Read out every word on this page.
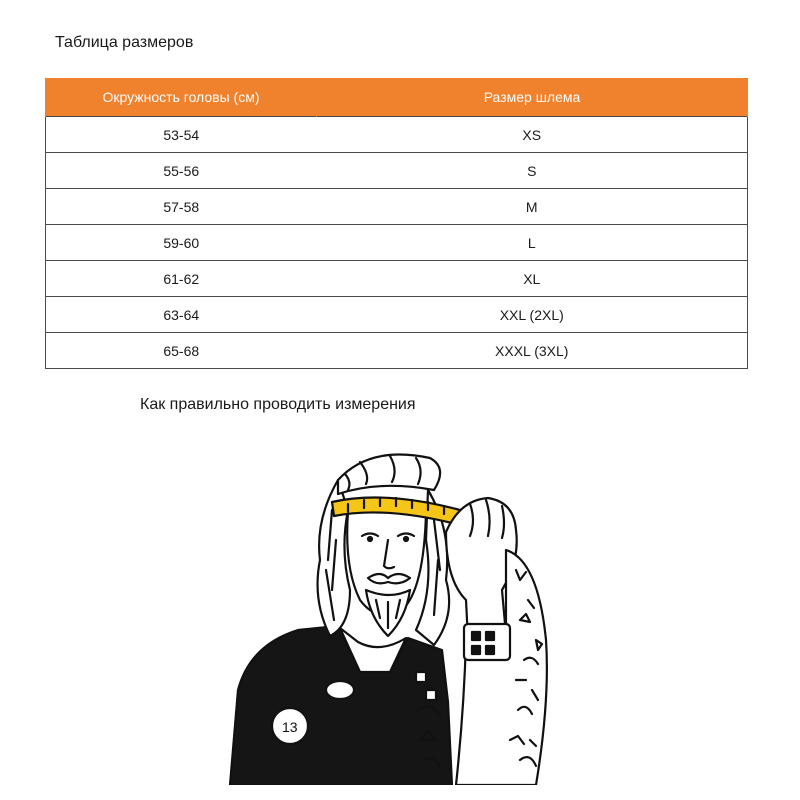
Таблица размеров
Окружность головы (см)	Размер шлема
53-54	XS
55-56	S
57-58	M
59-60	L
61-62	XL
63-64	XXL (2XL)
65-68	XXXL (3XL)
Как правильно проводить измерения
13
